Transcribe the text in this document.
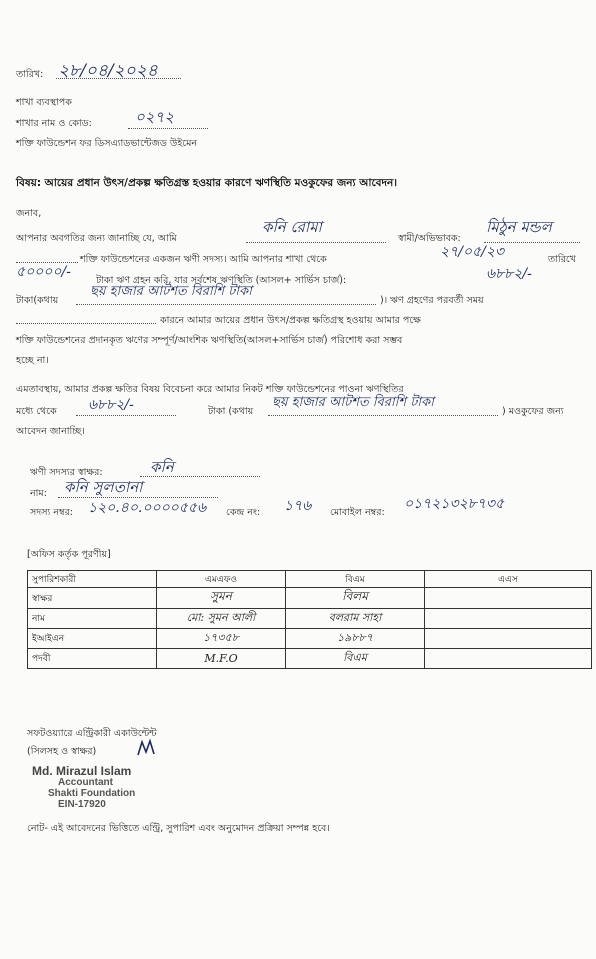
তারিখ: ২৮/০৪/২০২৪
শাখা ব্যবস্থাপক
শাখার নাম ও কোড:	০২৭২
শক্তি ফাউন্ডেশন ফর ডিসএ্যাডভান্টেজড উইমেন
বিষয়: আয়ের প্রধান উৎস/প্রকল্প ক্ষতিগ্রস্ত হওয়ার কারণে ঋণস্থিতি মওকুফের জন্য আবেদন।
জনাব,
আপনার অবগতির জন্য জানাচ্ছি যে, আমি
কনি রোমা
স্বামী/অভিভাবক:
মিঠুন মন্ডল
শক্তি ফাউন্ডেশনের একজন ঋণী সদস্য। আমি আপনার শাখা থেকে	২৭/০৫/২৩	তারিখে
৫০০০০/-
টাকা ঋণ গ্রহন করি, যার সর্বশেষ ঋণস্থিতি (আসল+ সার্ভিস চার্জ):	৬৮৮২/-
টাকা(কথায়
ছয় হাজার আটশত বিরাশি টাকা
)। ঋণ গ্রহণের পরবর্তী সময়
কারনে আমার আয়ের প্রধান উৎস/প্রকল্প ক্ষতিগ্রস্থ হওয়ায় আমার পক্ষে
শক্তি ফাউন্ডেশনের প্রদানকৃত ঋণের সম্পূর্ণ/আংশিক ঋণস্থিতি(আসল+সার্ভিস চার্জ) পরিশোধ করা সম্ভব
হচ্ছে না।
এমতাবস্থায়, আমার প্রকল্প ক্ষতির বিষয় বিবেচনা করে আমার নিকট শক্তি ফাউন্ডেশনের পাওনা ঋণস্থিতির
মধ্যে থেকে ৬৮৮২/-	টাকা (কথায়
ছয় হাজার আটশত বিরাশি টাকা
) মওকুফের জন্য
আবেদন জানাচ্ছি।
ঋণী সদস্যর স্বাক্ষর:	কনি
নাম: কনি সুলতানা
সদস্য নম্বর: ১২০.৪০.০০০০৫৫৬ কেন্দ্র নং: ১৭৬ মোবাইল নম্বর:
০১৭২১৩২৮৭৩৫
[অফিস কর্তৃক পূরণীয়]
সুপারিশকারী	এমএফও	বিএম	এএস
স্বাক্ষর	সুমন	বিলম	
নাম	মো: সুমন আলী	বলরাম সাহা	
ইআইএন	১৭৩৫৮	১৯৮৮৭	
পদবী	M.F.O	বিএম	
সফটওয়্যারে এন্ট্রিকারী একাউন্টেন্ট
(সিলসহ ও স্বাক্ষর)
Md. Mirazul Islam
Accountant
Shakti Foundation
EIN-17920
নোট- এই আবেদনের ভিত্তিতে এন্ট্রি, সুপারিশ এবং অনুমোদন প্রক্রিয়া সম্পন্ন হবে।
